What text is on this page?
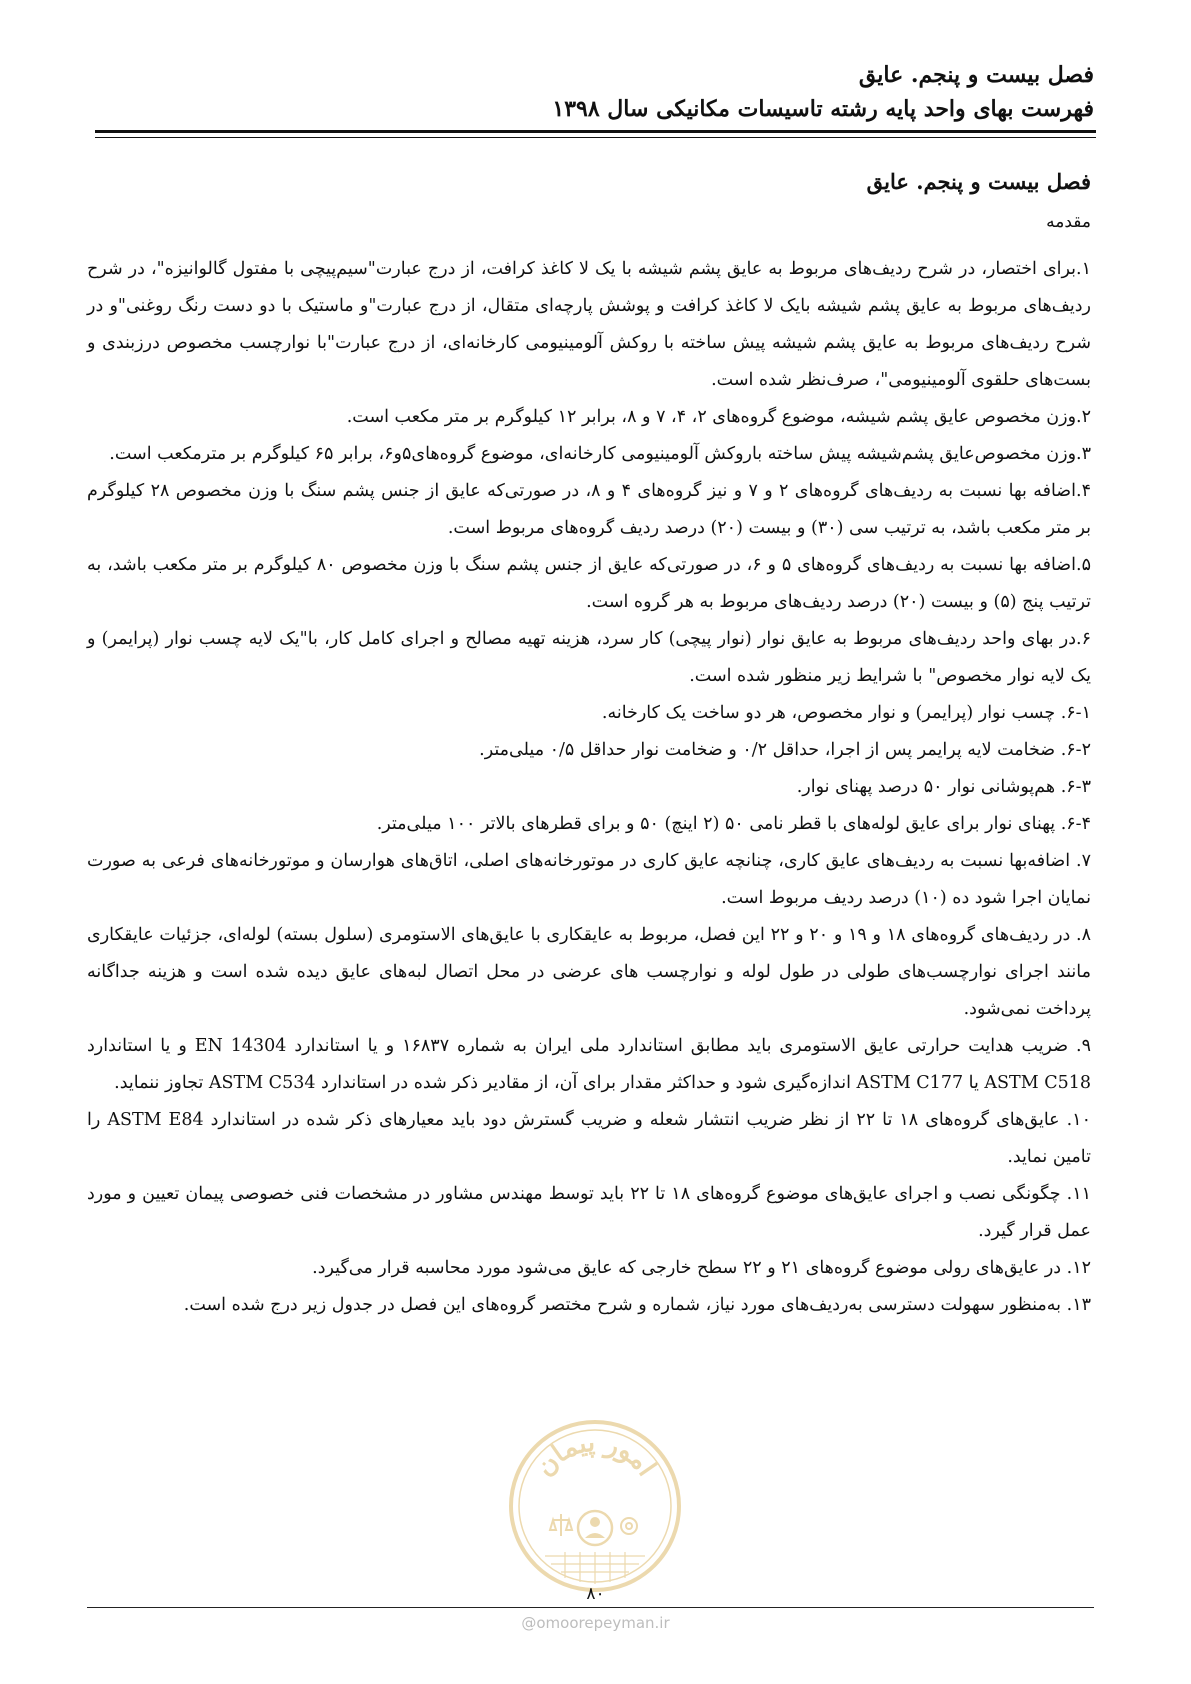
فصل بیست و پنجم. عایق
فهرست بهای واحد پایه رشته تاسیسات مکانیکی سال ۱۳۹۸
فصل بیست و پنجم. عایق
مقدمه

۱.برای اختصار، در شرح ردیف‌های مربوط به عایق پشم شیشه با یک لا کاغذ کرافت، از درج عبارت"سیم‌پیچی با مفتول گالوانیزه"، در شرح ردیف‌های مربوط به عایق پشم شیشه بایک لا کاغذ کرافت و پوشش پارچه‌ای متقال، از درج عبارت"و ماستیک با دو دست رنگ روغنی"و در شرح ردیف‌های مربوط به عایق پشم شیشه پیش ساخته با روکش آلومینیومی کارخانه‌ای، از درج عبارت"با نوارچسب مخصوص درزبندی و بست‌های حلقوی آلومینیومی"، صرف‌نظر شده است.

۲.وزن مخصوص عایق پشم شیشه، موضوع گروه‌های ۲، ۴، ۷ و ۸، برابر ۱۲ کیلوگرم بر متر مکعب است.

۳.وزن مخصوص‌عایق پشم‌شیشه پیش ساخته باروکش آلومینیومی کارخانه‌ای، موضوع گروه‌های۵و۶، برابر ۶۵ کیلوگرم بر مترمکعب است.

۴.اضافه بها نسبت به ردیف‌های گروه‌های ۲ و ۷ و نیز گروه‌های ۴ و ۸، در صورتی‌که عایق از جنس پشم سنگ با وزن مخصوص ۲۸ کیلوگرم بر متر مکعب باشد، به ترتیب سی (۳۰) و بیست (۲۰) درصد ردیف گروه‌های مربوط است.

۵.اضافه بها نسبت به ردیف‌های گروه‌های ۵ و ۶، در صورتی‌که عایق از جنس پشم سنگ با وزن مخصوص ۸۰ کیلوگرم بر متر مکعب باشد، به ترتیب پنج (۵) و بیست (۲۰) درصد ردیف‌های مربوط به هر گروه است.

۶.در بهای واحد ردیف‌های مربوط به عایق نوار (نوار پیچی) کار سرد، هزینه تهیه مصالح و اجرای کامل کار، با"یک لایه چسب نوار (پرایمر) و یک لایه نوار مخصوص" با شرایط زیر منظور شده است.

۶-۱. چسب نوار (پرایمر) و نوار مخصوص، هر دو ساخت یک کارخانه.

۶-۲. ضخامت لایه پرایمر پس از اجرا، حداقل ۰/۲ و ضخامت نوار حداقل ۰/۵ میلی‌متر.

۶-۳. هم‌پوشانی نوار ۵۰ درصد پهنای نوار.

۶-۴. پهنای نوار برای عایق لوله‌های با قطر نامی ۵۰ (۲ اینچ) ۵۰ و برای قطرهای بالاتر ۱۰۰ میلی‌متر.

۷. اضافه‌بها نسبت به ردیف‌های عایق کاری، چنانچه عایق کاری در موتورخانه‌های اصلی، اتاق‌های هوارسان و موتورخانه‌های فرعی به صورت نمایان اجرا شود ده (۱۰) درصد ردیف مربوط است.

۸. در ردیف‌های گروه‌های ۱۸ و ۱۹ و ۲۰ و ۲۲ این فصل، مربوط به عایقکاری با عایق‌های الاستومری (سلول بسته) لوله‌ای، جزئیات عایقکاری مانند اجرای نوارچسب‌های طولی در طول لوله و نوارچسب های عرضی در محل اتصال لبه‌های عایق دیده شده است و هزینه جداگانه پرداخت نمی‌شود.

۹. ضریب هدایت حرارتی عایق الاستومری باید مطابق استاندارد ملی ایران به شماره ۱۶۸۳۷ و یا استاندارد EN 14304 و یا استاندارد ASTM C518 یا ASTM C177 اندازه‌گیری شود و حداکثر مقدار برای آن، از مقادیر ذکر شده در استاندارد ASTM C534 تجاوز ننماید.

۱۰. عایق‌های گروه‌های ۱۸ تا ۲۲ از نظر ضریب انتشار شعله و ضریب گسترش دود باید معیارهای ذکر شده در استاندارد ASTM E84 را تامین نماید.

۱۱. چگونگی نصب و اجرای عایق‌های موضوع گروه‌های ۱۸ تا ۲۲ باید توسط مهندس مشاور در مشخصات فنی خصوصی پیمان تعیین و مورد عمل قرار گیرد.

۱۲. در عایق‌های رولی موضوع گروه‌های ۲۱ و ۲۲ سطح خارجی که عایق می‌شود مورد محاسبه قرار می‌گیرد.

۱۳. به‌منظور سهولت دسترسی به‌ردیف‌های مورد نیاز، شماره و شرح مختصر گروه‌های این فصل در جدول زیر درج شده است.

امور پیمان
۸۰
@omoorepeyman.ir
